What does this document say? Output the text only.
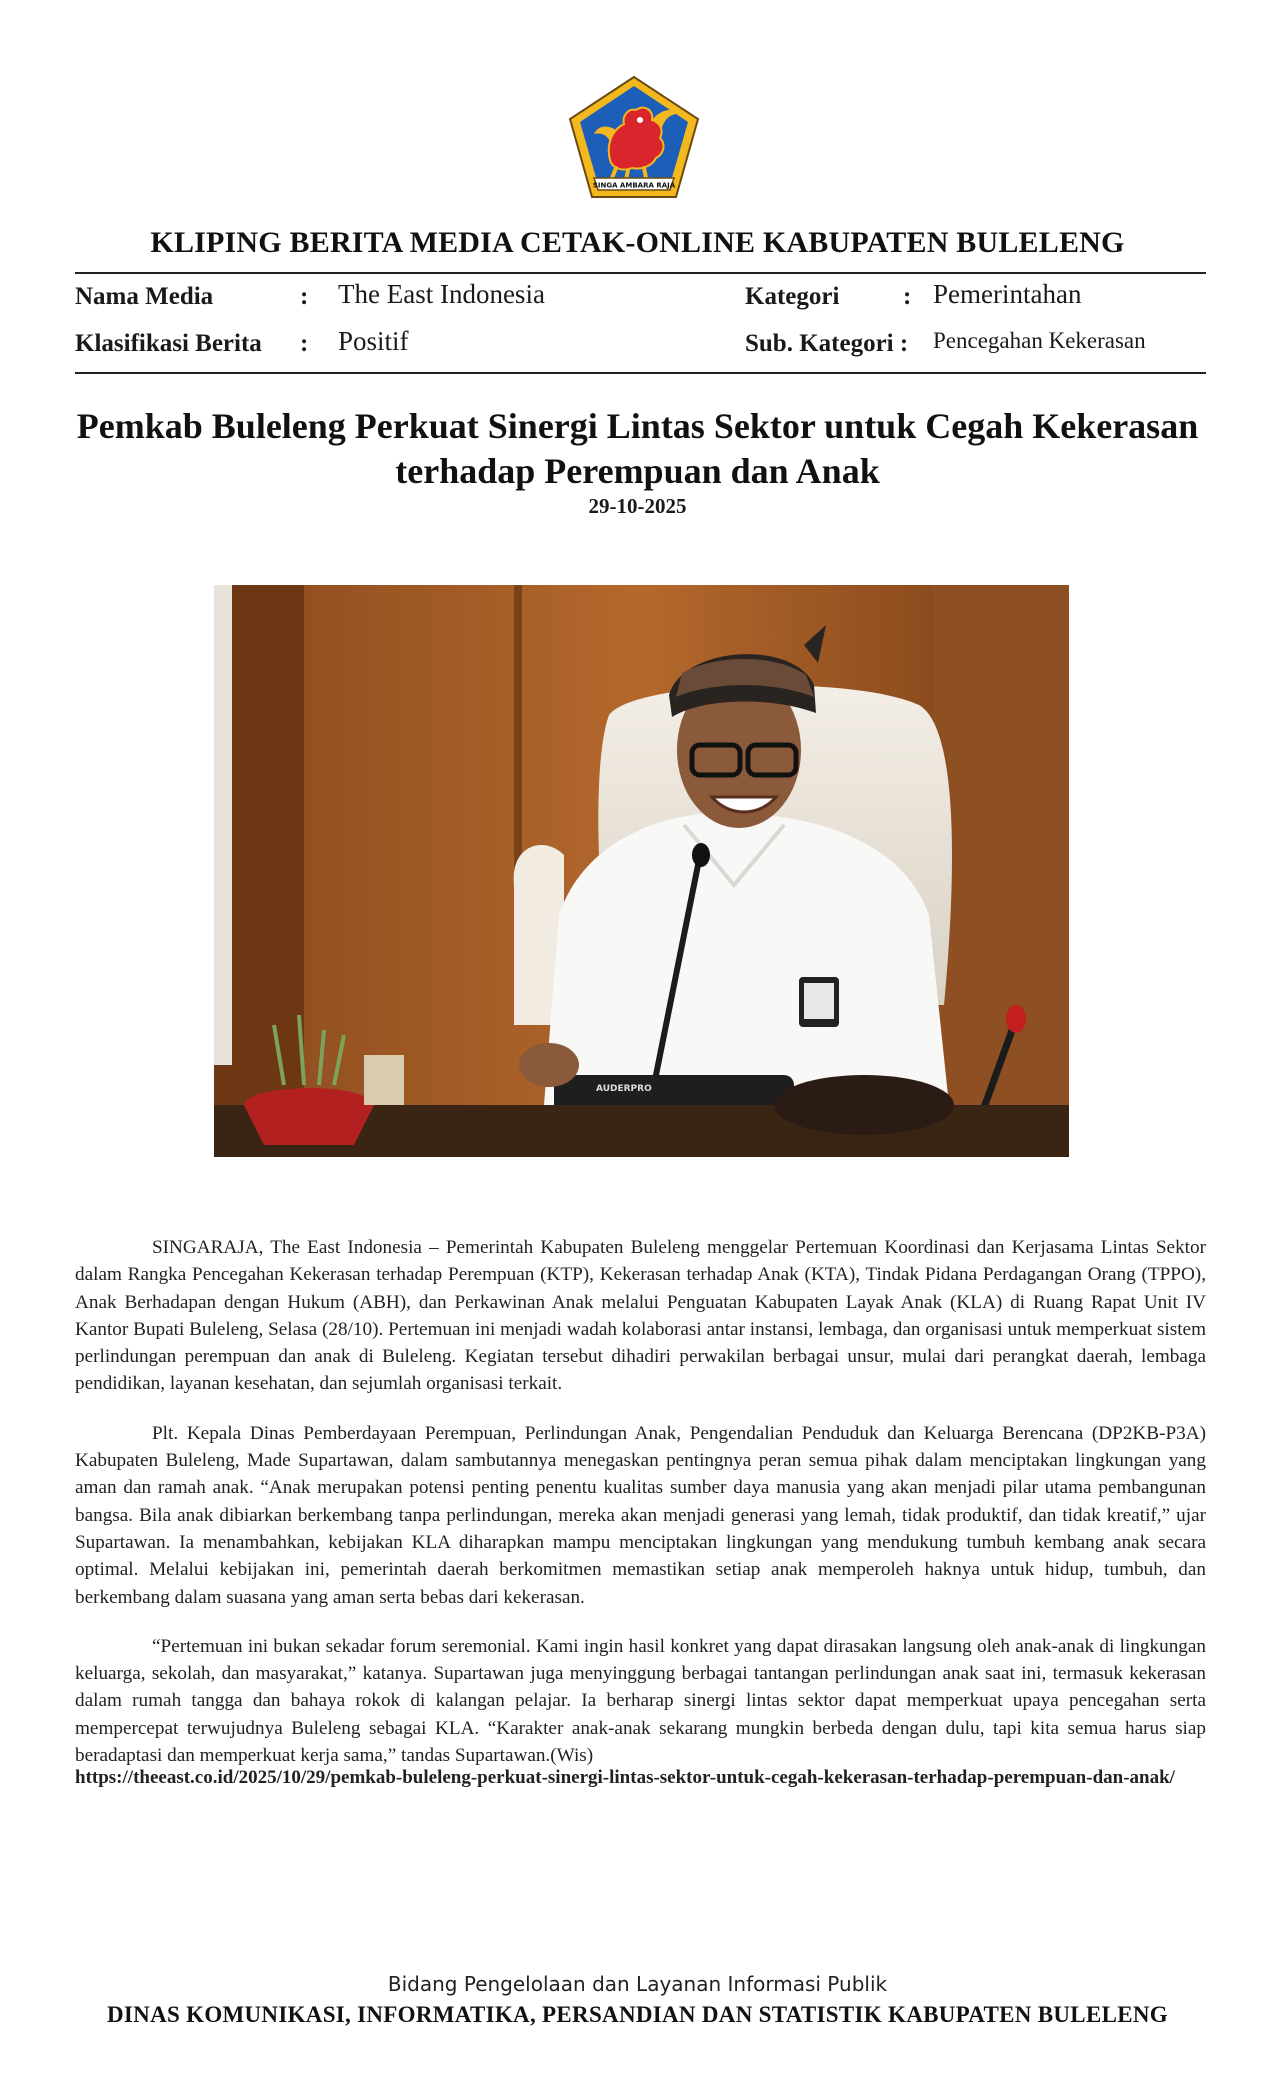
SINGA AMBARA RAJA
KLIPING BERITA MEDIA CETAK-ONLINE KABUPATEN BULELENG
Nama Media	: The East Indonesia	Kategori	: Pemerintahan
Klasifikasi Berita : Positif	Sub. Kategori : Pencegahan Kekerasan
Pemkab Buleleng Perkuat Sinergi Lintas Sektor untuk Cegah Kekerasan terhadap Perempuan dan Anak
29-10-2025
AUDERPRO

SINGARAJA, The East Indonesia – Pemerintah Kabupaten Buleleng menggelar Pertemuan Koordinasi dan Kerjasama Lintas Sektor dalam Rangka Pencegahan Kekerasan terhadap Perempuan (KTP), Kekerasan terhadap Anak (KTA), Tindak Pidana Perdagangan Orang (TPPO), Anak Berhadapan dengan Hukum (ABH), dan Perkawinan Anak melalui Penguatan Kabupaten Layak Anak (KLA) di Ruang Rapat Unit IV Kantor Bupati Buleleng, Selasa (28/10). Pertemuan ini menjadi wadah kolaborasi antar instansi, lembaga, dan organisasi untuk memperkuat sistem perlindungan perempuan dan anak di Buleleng. Kegiatan tersebut dihadiri perwakilan berbagai unsur, mulai dari perangkat daerah, lembaga pendidikan, layanan kesehatan, dan sejumlah organisasi terkait.

Plt. Kepala Dinas Pemberdayaan Perempuan, Perlindungan Anak, Pengendalian Penduduk dan Keluarga Berencana (DP2KB-P3A) Kabupaten Buleleng, Made Supartawan, dalam sambutannya menegaskan pentingnya peran semua pihak dalam menciptakan lingkungan yang aman dan ramah anak. “Anak merupakan potensi penting penentu kualitas sumber daya manusia yang akan menjadi pilar utama pembangunan bangsa. Bila anak dibiarkan berkembang tanpa perlindungan, mereka akan menjadi generasi yang lemah, tidak produktif, dan tidak kreatif,” ujar Supartawan. Ia menambahkan, kebijakan KLA diharapkan mampu menciptakan lingkungan yang mendukung tumbuh kembang anak secara optimal. Melalui kebijakan ini, pemerintah daerah berkomitmen memastikan setiap anak memperoleh haknya untuk hidup, tumbuh, dan berkembang dalam suasana yang aman serta bebas dari kekerasan.

“Pertemuan ini bukan sekadar forum seremonial. Kami ingin hasil konkret yang dapat dirasakan langsung oleh anak-anak di lingkungan keluarga, sekolah, dan masyarakat,” katanya. Supartawan juga menyinggung berbagai tantangan perlindungan anak saat ini, termasuk kekerasan dalam rumah tangga dan bahaya rokok di kalangan pelajar. Ia berharap sinergi lintas sektor dapat memperkuat upaya pencegahan serta mempercepat terwujudnya Buleleng sebagai KLA. “Karakter anak-anak sekarang mungkin berbeda dengan dulu, tapi kita semua harus siap beradaptasi dan memperkuat kerja sama,” tandas Supartawan.(Wis)

https://theeast.co.id/2025/10/29/pemkab-buleleng-perkuat-sinergi-lintas-sektor-untuk-cegah-kekerasan-terhadap-perempuan-dan-anak/
Bidang Pengelolaan dan Layanan Informasi Publik
DINAS KOMUNIKASI, INFORMATIKA, PERSANDIAN DAN STATISTIK KABUPATEN BULELENG
